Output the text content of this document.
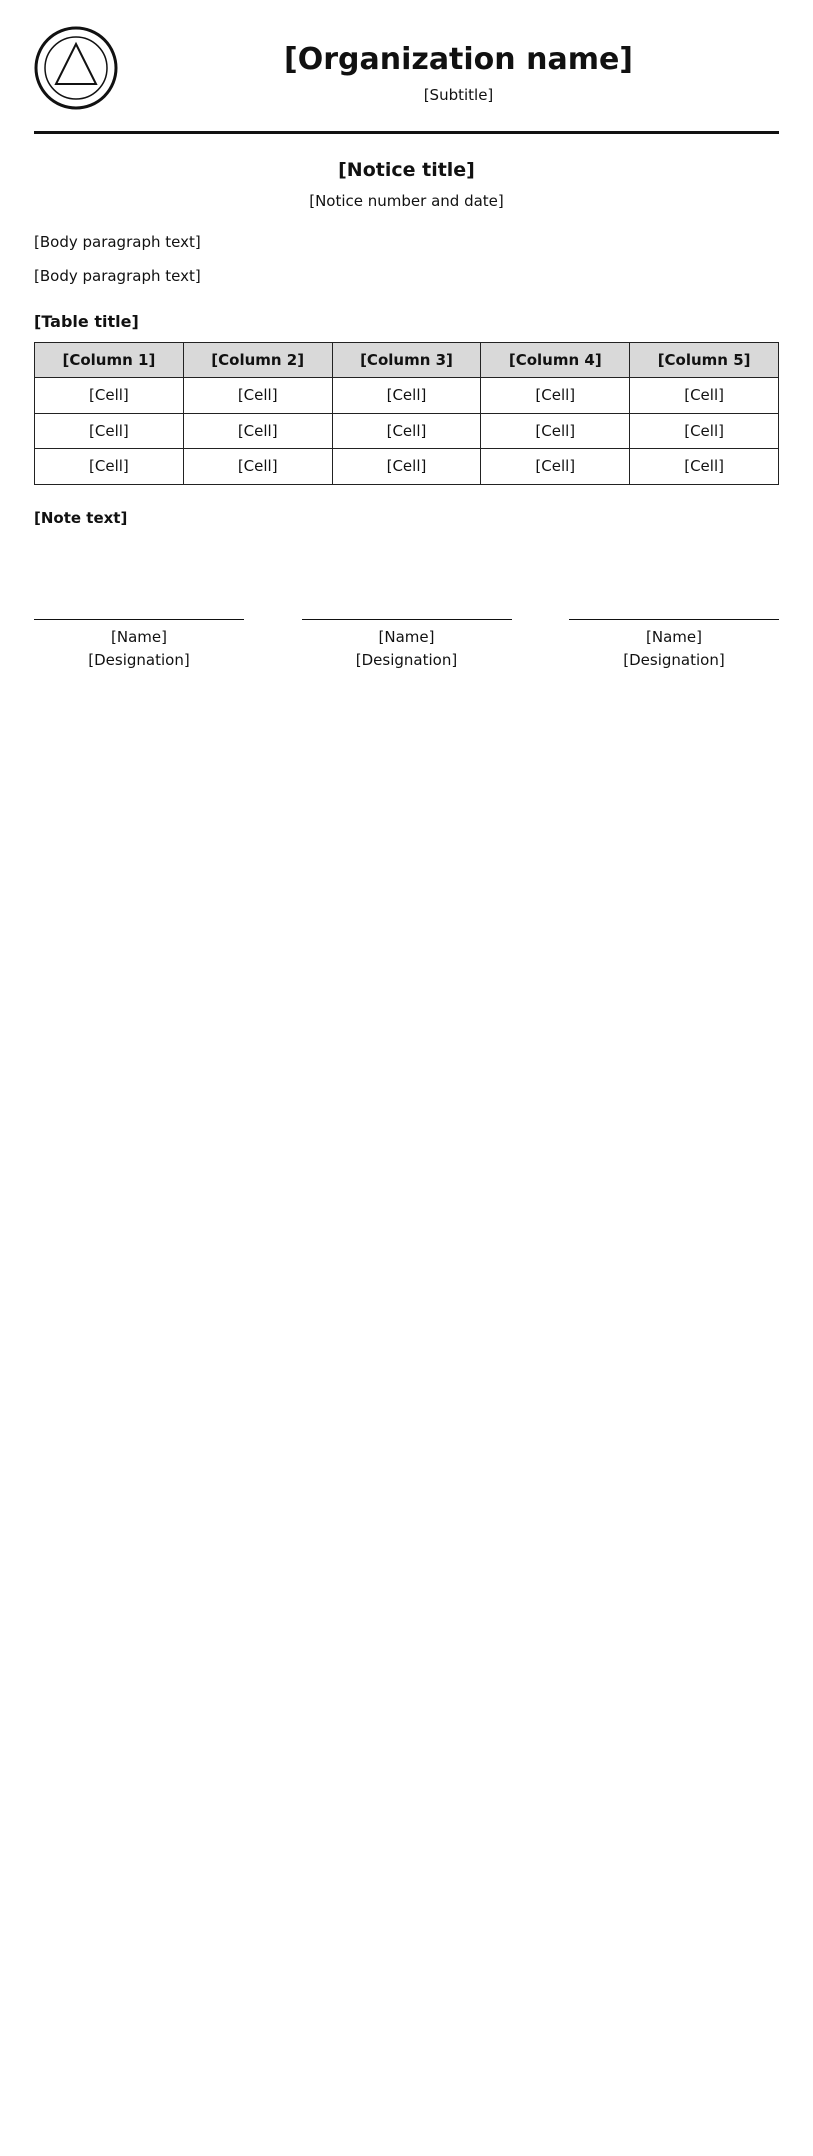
[Organization name]

[Subtitle]

[Notice title]

[Notice number and date]

[Body paragraph text]

[Body paragraph text]

[Table title]
[Column 1]	[Column 2]	[Column 3]	[Column 4]	[Column 5]
[Cell]	[Cell]	[Cell]	[Cell]	[Cell]
[Cell]	[Cell]	[Cell]	[Cell]	[Cell]
[Cell]	[Cell]	[Cell]	[Cell]	[Cell]

[Note text]

[Name]
[Designation]
[Name]
[Designation]
[Name]
[Designation]
